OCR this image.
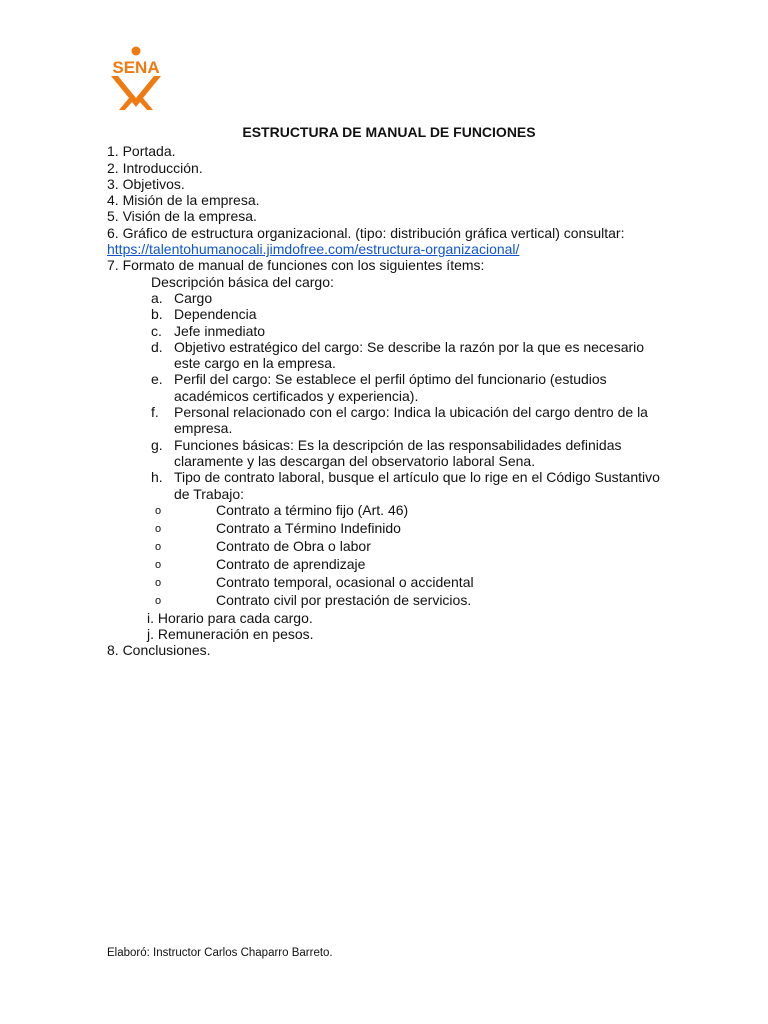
SENA
ESTRUCTURA DE MANUAL DE FUNCIONES
1. Portada.
2. Introducción.
3. Objetivos.
4. Misión de la empresa.
5. Visión de la empresa.
6. Gráfico de estructura organizacional. (tipo: distribución gráfica vertical) consultar:
https://talentohumanocali.jimdofree.com/estructura-organizacional/
7. Formato de manual de funciones con los siguientes ítems:
Descripción básica del cargo:
a. Cargo
b. Dependencia
c. Jefe inmediato
d. Objetivo estratégico del cargo: Se describe la razón por la que es necesario este cargo en la empresa.
e. Perfil del cargo: Se establece el perfil óptimo del funcionario (estudios académicos certificados y experiencia).
f.	Personal relacionado con el cargo: Indica la ubicación del cargo dentro de la empresa.
g. Funciones básicas: Es la descripción de las responsabilidades definidas claramente y las descargan del observatorio laboral Sena.
h. Tipo de contrato laboral, busque el artículo que lo rige en el Código Sustantivo de Trabajo:
o	Contrato a término fijo (Art. 46)
o	Contrato a Término Indefinido
o	Contrato de Obra o labor
o	Contrato de aprendizaje
o	Contrato temporal, ocasional o accidental
o	Contrato civil por prestación de servicios.
i. Horario para cada cargo.
j. Remuneración en pesos.
8. Conclusiones.
Elaboró: Instructor Carlos Chaparro Barreto.
